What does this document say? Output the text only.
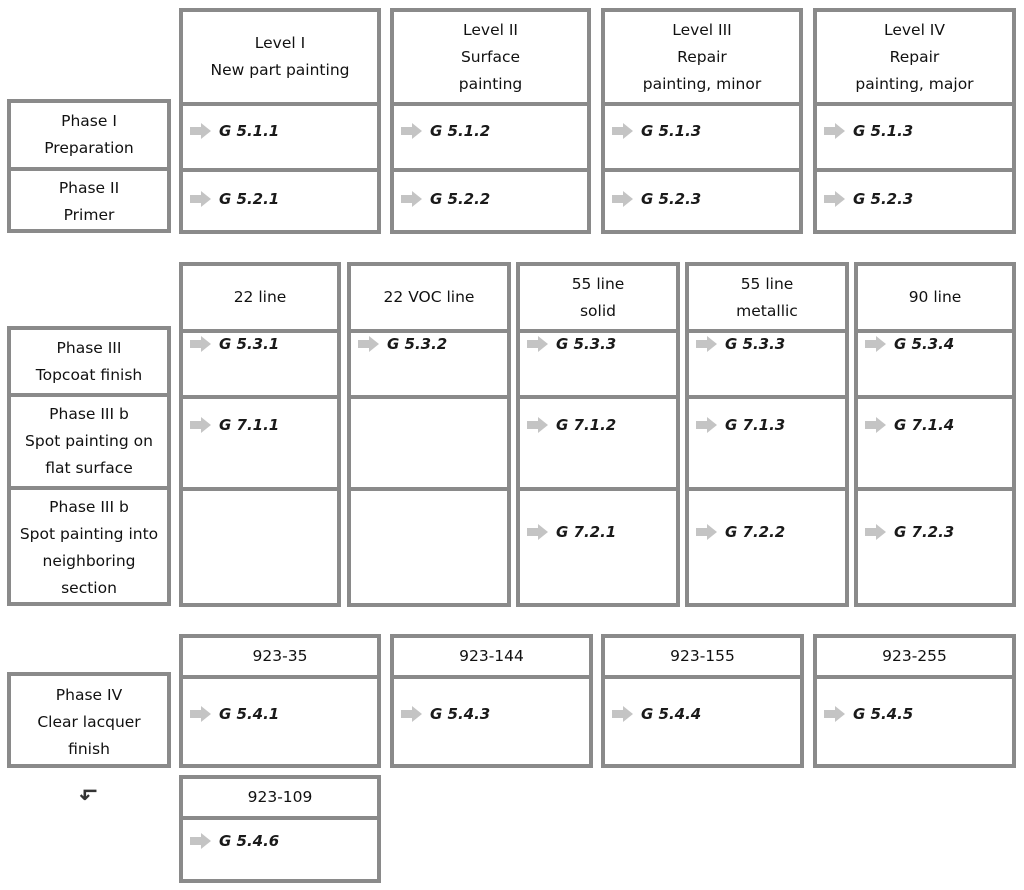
Level I
New part painting
G 5.1.1
G 5.2.1
Level II
Surface
painting
G 5.1.2
G 5.2.2
Level III
Repair
painting, minor
G 5.1.3
G 5.2.3
Level IV
Repair
painting, major
G 5.1.3
G 5.2.3
Phase I
Preparation
Phase II
Primer
22 line
G 5.3.1
G 7.1.1
22 VOC line
G 5.3.2
55 line
solid
G 5.3.3
G 7.1.2
G 7.2.1
55 line
metallic
G 5.3.3
G 7.1.3
G 7.2.2
90 line
G 5.3.4
G 7.1.4
G 7.2.3
Phase III
Topcoat finish
Phase III b
Spot painting on
flat surface
Phase III b
Spot painting into
neighboring
section
923-35
G 5.4.1
923-144
G 5.4.3
923-155
G 5.4.4
923-255
G 5.4.5
923-109
G 5.4.6
Phase IV
Clear lacquer
finish
↳
